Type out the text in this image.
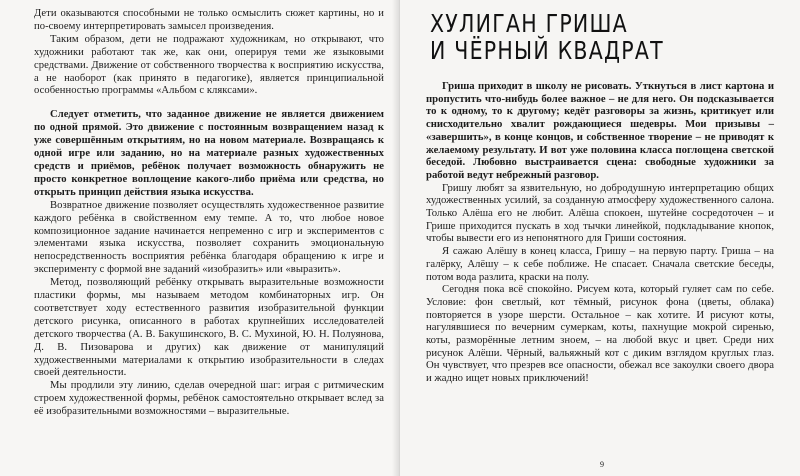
Дети оказываются способными не только осмыслить сюжет картины, но и по-своему интерпретировать замысел произведения.

Таким образом, дети не подражают художникам, но открывают, что художники работают так же, как они, оперируя теми же языковыми средствами. Движение от собственного творчества к восприятию искусства, а не наоборот (как принято в педагогике), является принципиальной особенностью программы «Альбом с кляксами».

Следует отметить, что заданное движение не является движением по одной прямой. Это движение с постоянным возвращением назад к уже совершённым открытиям, но на новом материале. Возвращаясь к одной игре или заданию, но на материале разных художественных средств и приёмов, ребёнок получает возможность обнаружить не просто конкретное воплощение какого-либо приёма или средства, но открыть принцип действия языка искусства.

Возвратное движение позволяет осуществлять художественное развитие каждого ребёнка в свойственном ему темпе. А то, что любое новое композиционное задание начинается непременно с игр и экспериментов с элементами языка искусства, позволяет сохранить эмоциональную непосредственность восприятия ребёнка благодаря обращению к игре и эксперименту с формой вне заданий «изобразить» или «выразить».

Метод, позволяющий ребёнку открывать выразительные возможности пластики формы, мы называем методом комбинаторных игр. Он соответствует ходу естественного развития изобразительной функции детского рисунка, описанного в работах крупнейших исследователей детского творчества (А. В. Бакушинского, В. С. Мухиной, Ю. Н. Полуянова, Д. В. Пизоварова и других) как движение от манипуляций художественными материалами к открытию изобразительности в следах своей деятельности.

Мы продлили эту линию, сделав очередной шаг: играя с ритмическим строем художественной формы, ребёнок самостоятельно открывает вслед за её изобразительными возможностями – выразительные.

ХУЛИГАН ГРИША
И ЧЁРНЫЙ КВАДРАТ

Гриша приходит в школу не рисовать. Уткнуться в лист картона и пропустить что-нибудь более важное – не для него. Он подсказывается то к одному, то к другому; кедёт разговоры за жизнь, критикует или снисходительно хвалит рождающиеся шедевры. Мои призывы – «завершить», в конце концов, и собственное творение – не приводят к желаемому результату. И вот уже половина класса поглощена светской беседой. Любовно выстраивается сцена: свободные художники за работой ведут небрежный разговор.

Гришу любят за язвительную, но добродушную интерпретацию общих художественных усилий, за созданную атмосферу художественного салона. Только Алёша его не любит. Алёша спокоен, шутейне сосредоточен – и Грише приходится пускать в ход тычки линейкой, подкладывание кнопок, чтобы вывести его из непонятного для Гриши состояния.

Я сажаю Алёшу в конец класса, Гришу – на первую парту. Гриша – на галёрку, Алёшу – к себе поближе. Не спасает. Сначала светские беседы, потом вода разлита, краски на полу.

Сегодня пока всё спокойно. Рисуем кота, который гуляет сам по себе. Условие: фон светлый, кот тёмный, рисунок фона (цветы, облака) повторяется в узоре шерсти. Остальное – как хотите. И рисуют коты, нагулявшиеся по вечерним сумеркам, коты, пахнущие мокрой сиренью, коты, разморённые летним зноем, – на любой вкус и цвет. Среди них рисунок Алёши. Чёрный, вальяжный кот с диким взглядом круглых глаз. Он чувствует, что презрев все опасности, обежал все закоулки своего двора и жадно ищет новых приключений!

9
